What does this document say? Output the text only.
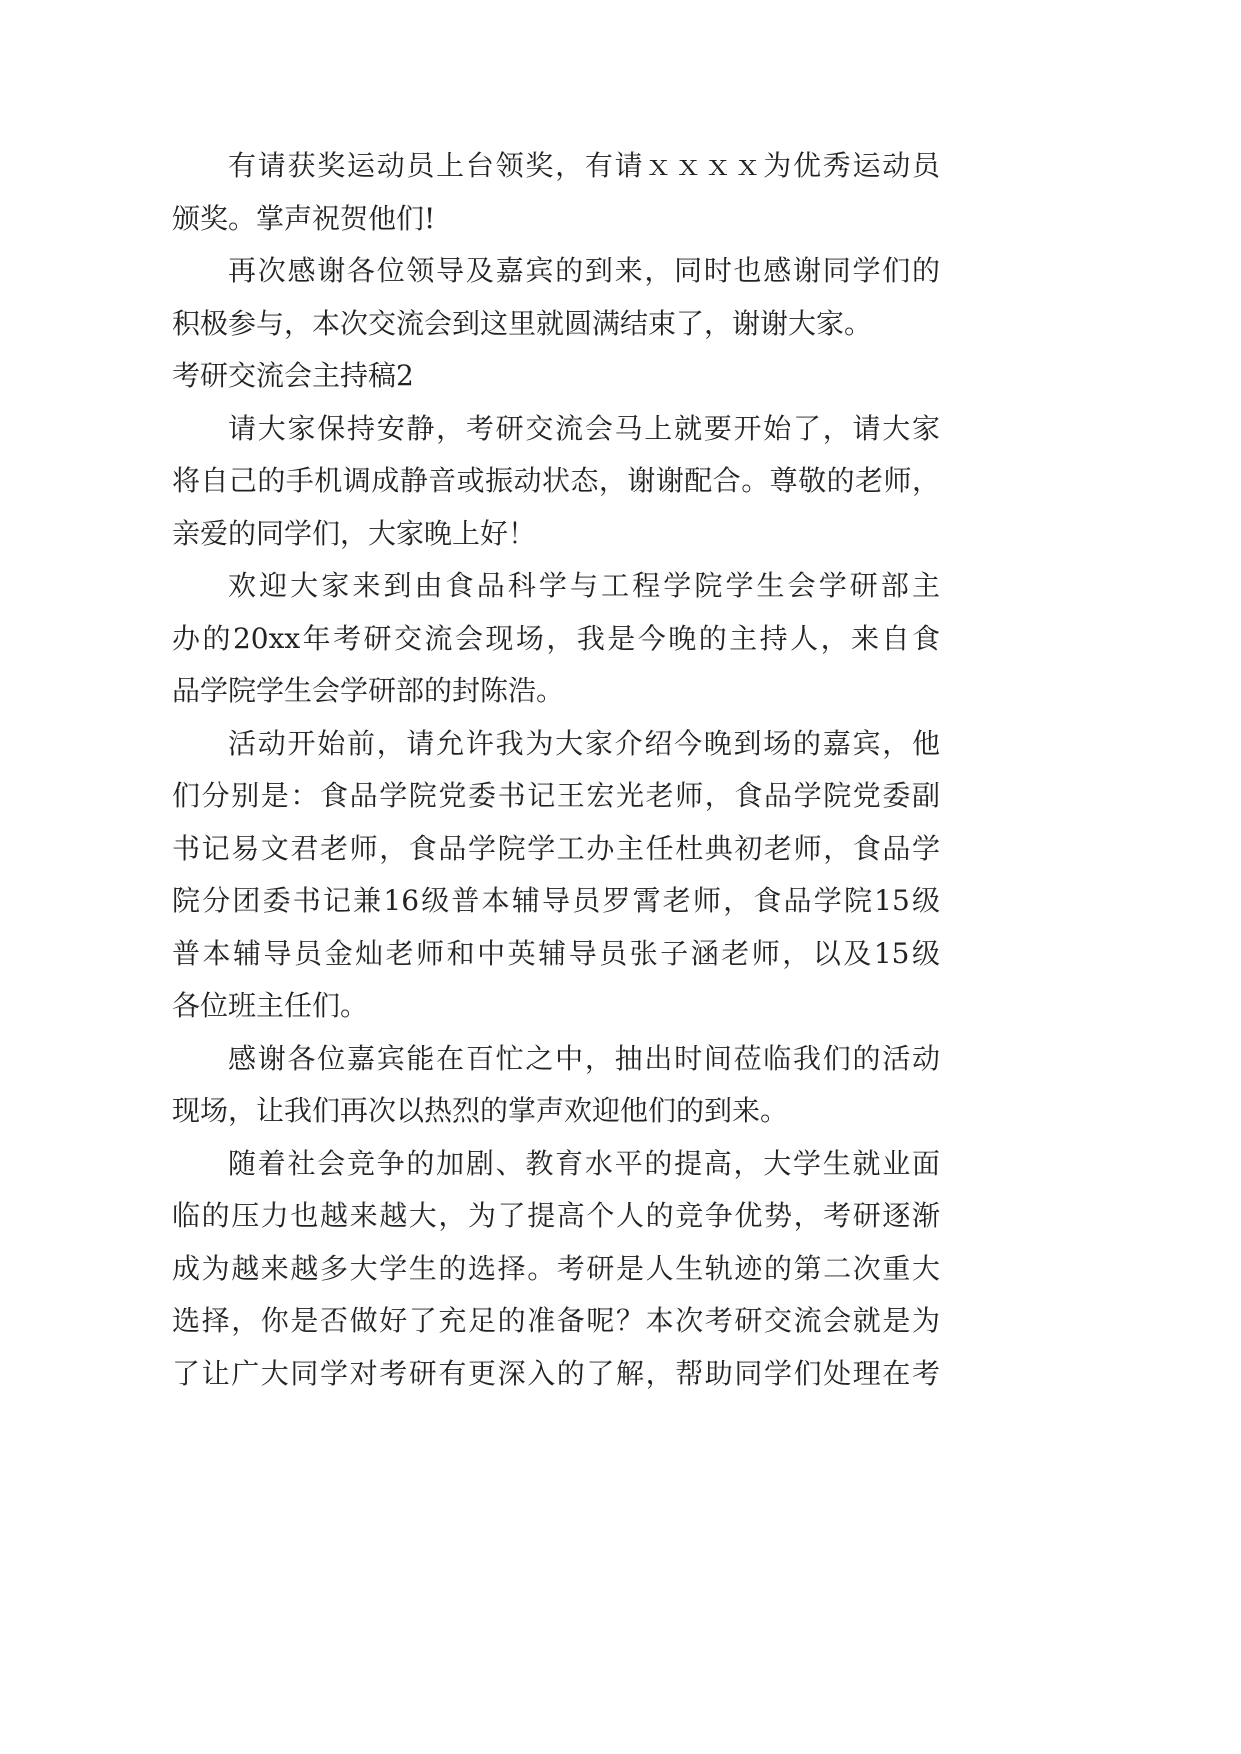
有请获奖运动员上台领奖，有请ｘｘｘｘ为优秀运动员
颁奖。掌声祝贺他们!
再次感谢各位领导及嘉宾的到来，同时也感谢同学们的
积极参与，本次交流会到这里就圆满结束了，谢谢大家。
考研交流会主持稿2
请大家保持安静，考研交流会马上就要开始了，请大家
将自己的手机调成静音或振动状态，谢谢配合。尊敬的老师，
亲爱的同学们，大家晚上好！
欢迎大家来到由食品科学与工程学院学生会学研部主
办的20xx年考研交流会现场，我是今晚的主持人，来自食
品学院学生会学研部的封陈浩。
活动开始前，请允许我为大家介绍今晚到场的嘉宾，他
们分别是：食品学院党委书记王宏光老师，食品学院党委副
书记易文君老师，食品学院学工办主任杜典初老师，食品学
院分团委书记兼16级普本辅导员罗霄老师，食品学院15级
普本辅导员金灿老师和中英辅导员张子涵老师，以及15级
各位班主任们。
感谢各位嘉宾能在百忙之中，抽出时间莅临我们的活动
现场，让我们再次以热烈的掌声欢迎他们的到来。
随着社会竞争的加剧、教育水平的提高，大学生就业面
临的压力也越来越大，为了提高个人的竞争优势，考研逐渐
成为越来越多大学生的选择。考研是人生轨迹的第二次重大
选择，你是否做好了充足的准备呢？本次考研交流会就是为
了让广大同学对考研有更深入的了解，帮助同学们处理在考
